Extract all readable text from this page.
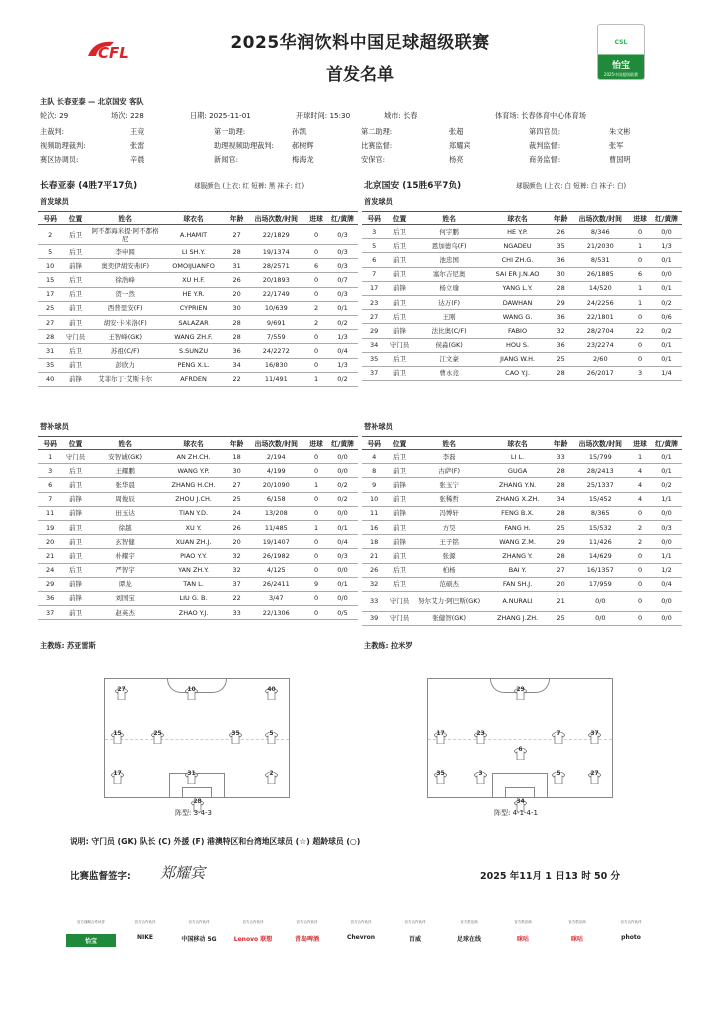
CFL	2025华润饮料中国足球超级联赛
首发名单
CSL
怡宝
2025中国超级联赛
主队 长春亚泰 — 北京国安 客队
轮次: 29	场次: 228	日期: 2025-11-01	开球时间: 15:30	城市: 长春	体育场: 长春体育中心体育场
主裁判:	王竞	第一助理:	孙凯	第二助理:	张超	第四官员:	朱文彬
视频助理裁判:	张雷	助理视频助理裁判:	郝树辉	比赛监督:	郑耀宾	裁判监督:	张军
赛区协调员:	辛晨	新闻官:	梅海龙	安保官:	杨亮	商务监督:	曹国明
长春亚泰 (4胜7平17负)	球服颜色 (上衣: 红 短裤: 黑 袜子: 红)	北京国安 (15胜6平7负)	球服颜色 (上衣: 白 短裤: 白 袜子: 白)
首发球员	首发球员
号码	位置	姓名	球衣名	年龄	出场次数/时间	进球	红/黄牌
2	后卫	阿不都海米提·阿不都格尼	A.HAMIT	27	22/1829	0	0/3
5	后卫	李申圆	LI SH.Y.	28	19/1374	0	0/3
10	前锋	奥奕伊胡安弗(F)	OMOIJUANFO	31	28/2571	6	0/3
15	后卫	徐浩峰	XU H.F.	26	20/1893	0	0/7
17	后卫	贺一然	HE Y.R.	20	22/1749	0	0/3
25	前卫	西普里安(F)	CYPRIEN	30	10/639	2	0/1
27	前卫	胡安·卡米洛(F)	SALAZAR	28	9/691	2	0/2
28	守门员	王智峰(GK)	WANG ZH.F.	28	7/559	0	1/3
31	后卫	苏祖(C/F)	S.SUNZU	36	24/2272	0	0/4
35	前卫	彭欣力	PENG X.L.	34	16/830	0	1/3
40	前锋	艾菲尔丁·艾斯卡尔	AFRDEN	22	11/491	1	0/2
号码	位置	姓名	球衣名	年龄	出场次数/时间	进球	红/黄牌
3	后卫	何宇鹏	HE Y.P.	26	8/346	0	0/0
5	后卫	恩加德乌(F)	NGADEU	35	21/2030	1	1/3
6	前卫	池忠国	CHI ZH.G.	36	8/531	0	0/1
7	前卫	塞尔吉尼奥	SAI ER J.N.AO	30	26/1885	6	0/0
17	前锋	杨立瑜	YANG L.Y.	28	14/520	1	0/1
23	前卫	达万(F)	DAWHAN	29	24/2256	1	0/2
27	后卫	王刚	WANG G.	36	22/1801	0	0/6
29	前锋	法比奥(C/F)	FABIO	32	28/2704	22	0/2
34	守门员	侯淼(GK)	HOU S.	36	23/2274	0	0/1
35	后卫	江文豪	JIANG W.H.	25	2/60	0	0/1
37	前卫	曹永竞	CAO Y.J.	28	26/2017	3	1/4
替补球员	替补球员
号码	位置	姓名	球衣名	年龄	出场次数/时间	进球	红/黄牌
1	守门员	安智诚(GK)	AN ZH.CH.	18	2/194	0	0/0
3	后卫	王耀鹏	WANG Y.P.	30	4/199	0	0/0
6	前卫	张华晨	ZHANG H.CH.	27	20/1090	1	0/2
7	前锋	周俊辰	ZHOU J.CH.	25	6/158	0	0/2
11	前锋	田玉达	TIAN Y.D.	24	13/208	0	0/0
19	前卫	徐越	XU Y.	26	11/485	1	0/1
20	前卫	玄智健	XUAN ZH.J.	20	19/1407	0	0/4
21	前卫	朴耀宇	PIAO Y.Y.	32	26/1982	0	0/3
24	后卫	严智宇	YAN ZH.Y.	32	4/125	0	0/0
29	前锋	谭龙	TAN L.	37	26/2411	9	0/1
36	前锋	刘国宝	LIU G. B.	22	3/47	0	0/0
37	前卫	赵英杰	ZHAO Y.J.	33	22/1306	0	0/5
号码	位置	姓名	球衣名	年龄	出场次数/时间	进球	红/黄牌
4	后卫	李磊	LI L.	33	15/799	1	0/1
8	前卫	古萨(F)	GUGA	28	28/2413	4	0/1
9	前锋	张玉宁	ZHANG Y.N.	28	25/1337	4	0/2
10	前卫	张稀哲	ZHANG X.ZH.	34	15/452	4	1/1
11	前锋	冯博轩	FENG B.X.	28	8/365	0	0/0
16	前卫	方昊	FANG H.	25	15/532	2	0/3
18	前锋	王子铭	WANG Z.M.	29	11/426	2	0/0
21	前卫	张源	ZHANG Y.	28	14/629	0	1/1
26	后卫	柏杨	BAI Y.	27	16/1357	0	1/2
32	后卫	范硕杰	FAN SH.J.	20	17/959	0	0/4
33	守门员	努尔艾力·阿巴斯(GK)	A.NURALI	21	0/0	0	0/0
39	守门员	张健智(GK)	ZHANG J.ZH.	25	0/0	0	0/0
主教练: 苏亚雷斯	主教练: 拉米罗
27	10	40
15	25	35	5
17	31	2
28
29
17	23	7	37
6
35	3	5	27
34
阵型: 3-4-3	阵型: 4-1-4-1
说明: 守门员 (GK) 队长 (C) 外援 (F) 港澳特区和台湾地区球员 (☆) 超龄球员 (○)
比赛监督签字: 郑耀宾	2025 年11月 1 日13 时 50 分
官方战略合作伙伴
怡宝
官方合作伙伴
NIKE
官方合作伙伴
中国移动 5G
官方合作伙伴
Lenovo 联想
官方合作伙伴
青岛啤酒
官方合作伙伴
Chevron
官方合作伙伴
百威
官方供应商
足球在线
官方供应商
咪咕
官方供应商
咪咕
官方合作伙伴
photo
